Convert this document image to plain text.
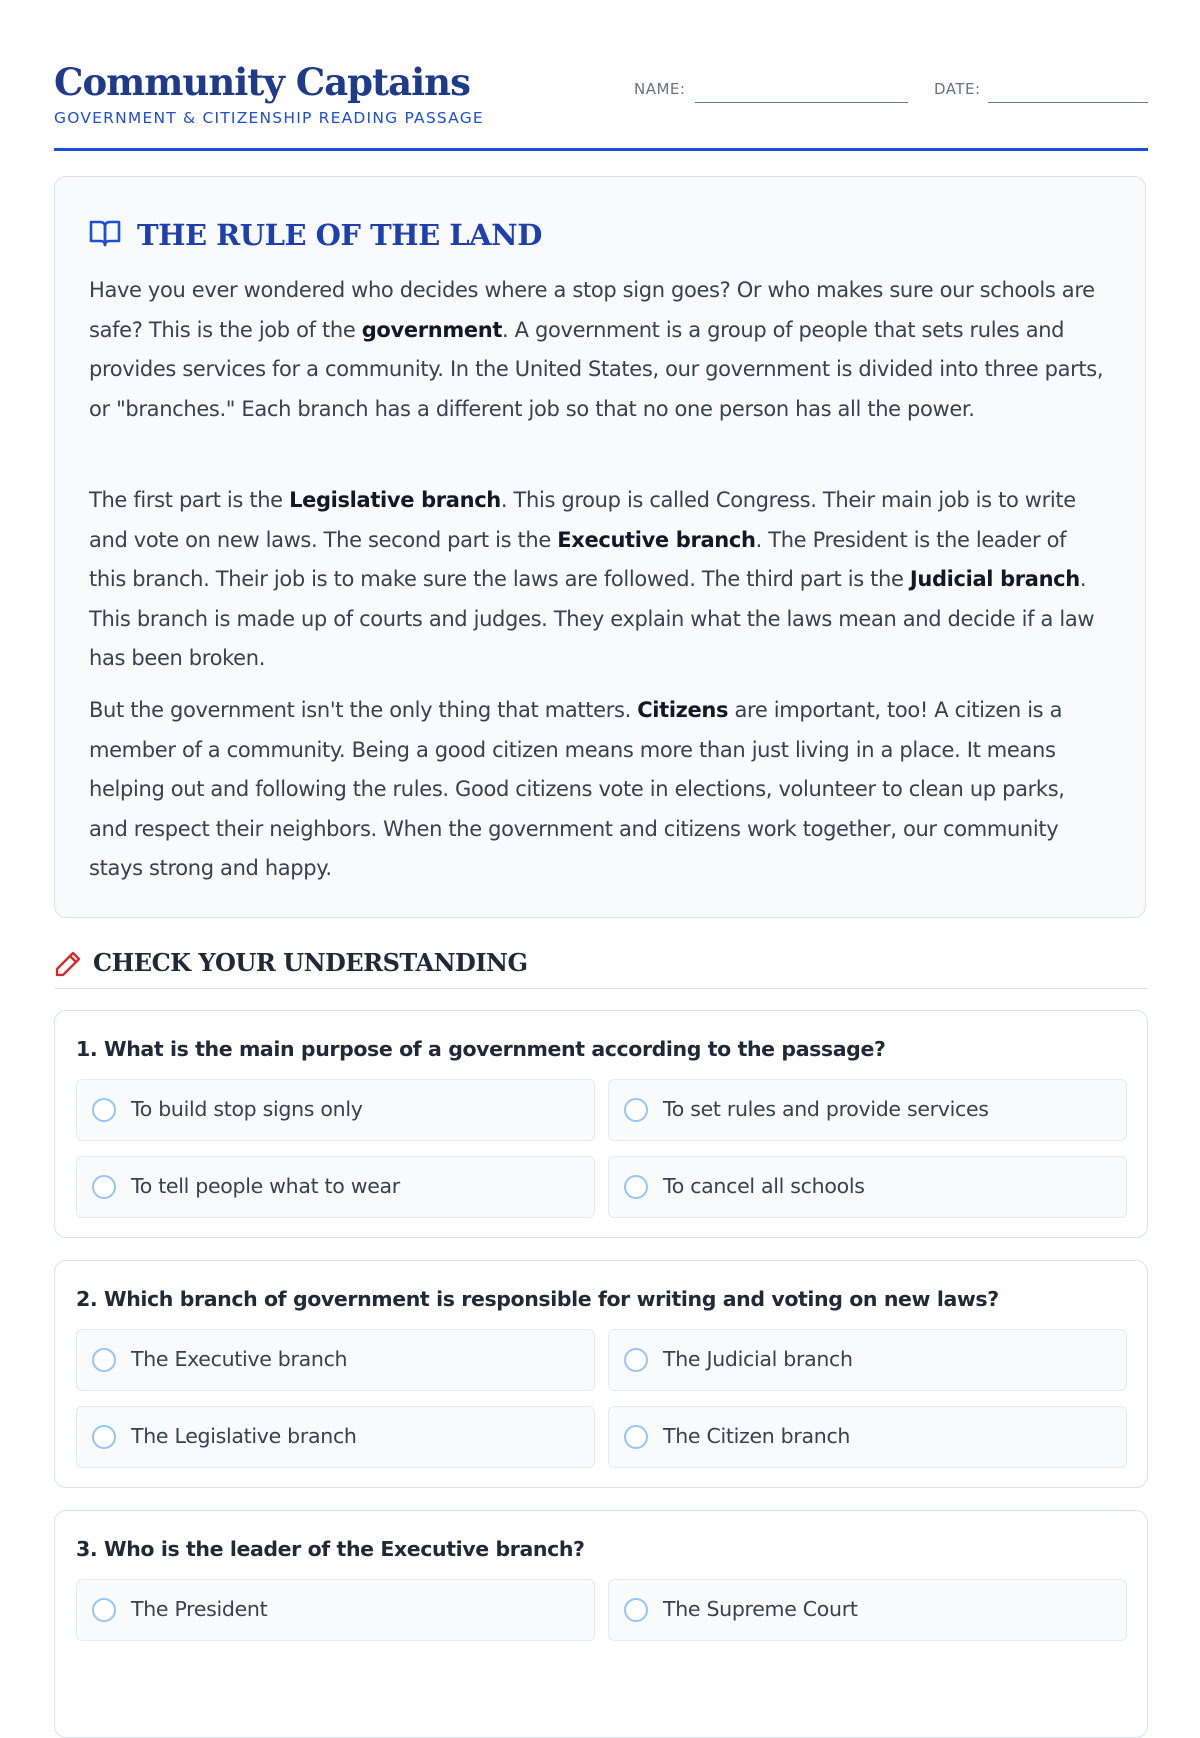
Community Captains
GOVERNMENT & CITIZENSHIP READING PASSAGE
NAME:	DATE:
THE RULE OF THE LAND

Have you ever wondered who decides where a stop sign goes? Or who makes sure our schools are safe? This is the job of the government. A government is a group of people that sets rules and provides services for a community. In the United States, our government is divided into three parts, or "branches." Each branch has a different job so that no one person has all the power.

The first part is the Legislative branch. This group is called Congress. Their main job is to write and vote on new laws. The second part is the Executive branch. The President is the leader of this branch. Their job is to make sure the laws are followed. The third part is the Judicial branch. This branch is made up of courts and judges. They explain what the laws mean and decide if a law has been broken.

But the government isn't the only thing that matters. Citizens are important, too! A citizen is a member of a community. Being a good citizen means more than just living in a place. It means helping out and following the rules. Good citizens vote in elections, volunteer to clean up parks, and respect their neighbors. When the government and citizens work together, our community stays strong and happy.

CHECK YOUR UNDERSTANDING

1. What is the main purpose of a government according to the passage?

To build stop signs only	To set rules and provide services
To tell people what to wear	To cancel all schools

2. Which branch of government is responsible for writing and voting on new laws?

The Executive branch	The Judicial branch
The Legislative branch	The Citizen branch

3. Who is the leader of the Executive branch?

The President	The Supreme Court
